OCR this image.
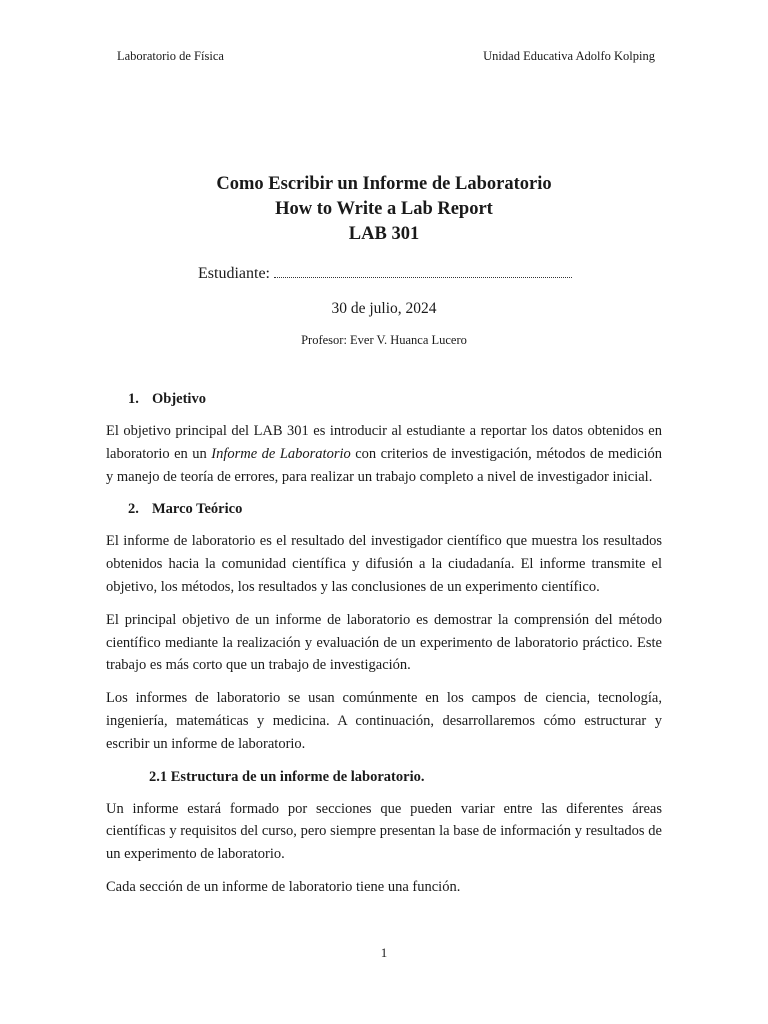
Laboratorio de Física	Unidad Educativa Adolfo Kolping
Como Escribir un Informe de Laboratorio
How to Write a Lab Report
LAB 301
Estudiante:
30 de julio, 2024
Profesor: Ever V. Huanca Lucero
1. Objetivo

El objetivo principal del LAB 301 es introducir al estudiante a reportar los datos obtenidos en laboratorio en un Informe de Laboratorio con criterios de investigación, métodos de medición y manejo de teoría de errores, para realizar un trabajo completo a nivel de investigador inicial.

2. Marco Teórico

El informe de laboratorio es el resultado del investigador científico que muestra los resultados obtenidos hacia la comunidad científica y difusión a la ciudadanía. El informe transmite el objetivo, los métodos, los resultados y las conclusiones de un experimento científico.

El principal objetivo de un informe de laboratorio es demostrar la comprensión del método científico mediante la realización y evaluación de un experimento de laboratorio práctico. Este trabajo es más corto que un trabajo de investigación.

Los informes de laboratorio se usan comúnmente en los campos de ciencia, tecnología, ingeniería, matemáticas y medicina. A continuación, desarrollaremos cómo estructurar y escribir un informe de laboratorio.

2.1 Estructura de un informe de laboratorio.

Un informe estará formado por secciones que pueden variar entre las diferentes áreas científicas y requisitos del curso, pero siempre presentan la base de información y resultados de un experimento de laboratorio.

Cada sección de un informe de laboratorio tiene una función.

1
